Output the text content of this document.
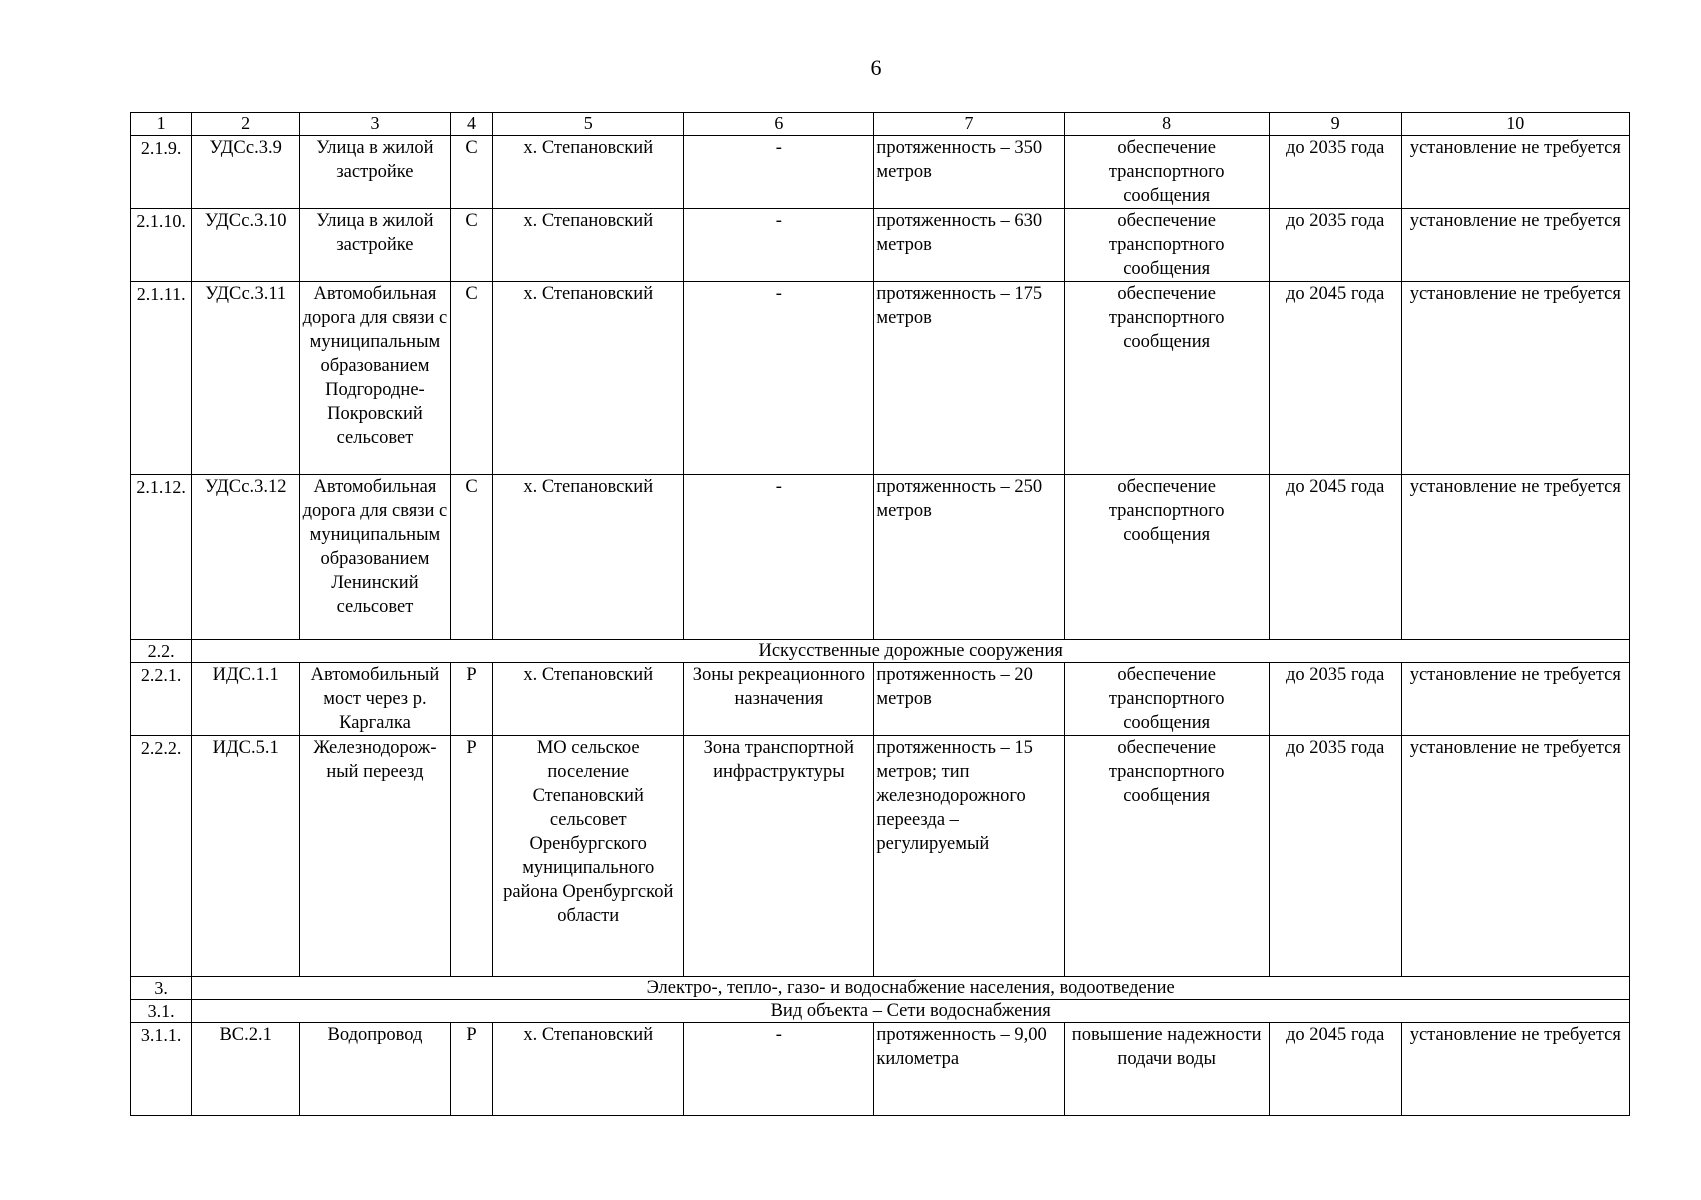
6
1	2	3	4	5	6	7	8	9	10
2.1.9.	УДСс.3.9	Улица в жилой застройке	С	х. Степановский	-	протяженность – 350 метров	обеспечение транспортного сообщения	до 2035 года	установление не требуется
2.1.10.	УДСс.3.10	Улица в жилой застройке	С	х. Степановский	-	протяженность – 630 метров	обеспечение транспортного сообщения	до 2035 года	установление не требуется
2.1.11.	УДСс.3.11	Автомобильная дорога для связи с муниципальным образованием Подгородне-Покровский сельсовет	С	х. Степановский	-	протяженность – 175 метров	обеспечение транспортного сообщения	до 2045 года	установление не требуется
2.1.12.	УДСс.3.12	Автомобильная дорога для связи с муниципальным образованием Ленинский сельсовет	С	х. Степановский	-	протяженность – 250 метров	обеспечение транспортного сообщения	до 2045 года	установление не требуется
2.2.	Искусственные дорожные сооружения								
2.2.1.	ИДС.1.1	Автомобильный мост через р. Каргалка	Р	х. Степановский	Зоны рекреационного назначения	протяженность – 20 метров	обеспечение транспортного сообщения	до 2035 года	установление не требуется
2.2.2.	ИДС.5.1	Железнодорож-ный переезд	Р	МО сельское поселение Степановский сельсовет Оренбургского муниципального района Оренбургской области	Зона транспортной инфраструктуры	протяженность – 15 метров; тип железнодорожного переезда – регулируемый	обеспечение транспортного сообщения	до 2035 года	установление не требуется
3.	Электро-, тепло-, газо- и водоснабжение населения, водоотведение								
3.1.	Вид объекта – Сети водоснабжения								
3.1.1.	ВС.2.1	Водопровод	Р	х. Степановский	-	протяженность – 9,00 километра	повышение надежности подачи воды	до 2045 года	установление не требуется
